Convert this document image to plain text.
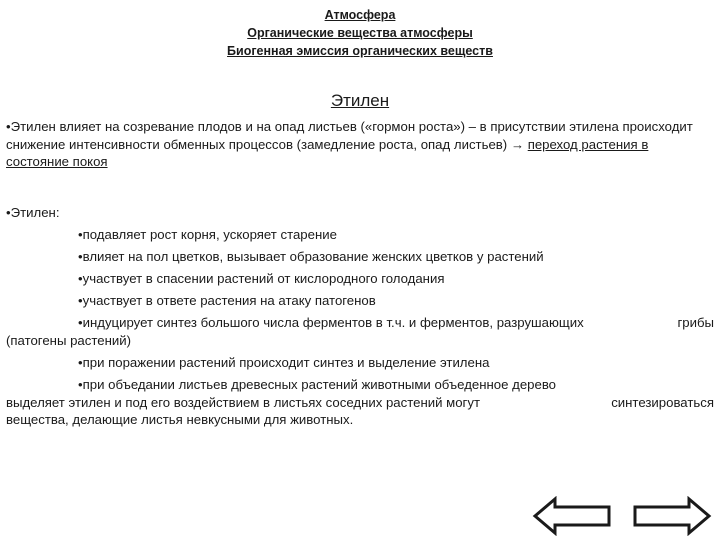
Атмосфера
Органические вещества атмосферы
Биогенная эмиссия органических веществ
Этилен
•Этилен влияет на созревание плодов и на опад листьев («гормон роста») – в присутствии этилена происходит снижение интенсивности обменных процессов (замедление роста, опад листьев) → переход растения в состояние покоя
•Этилен:
•подавляет рост корня, ускоряет старение
•влияет на пол цветков, вызывает образование женских цветков у растений
•участвует в спасении растений от кислородного голодания
•участвует в ответе растения на атаку патогенов
•индуцирует синтез большого числа ферментов в т.ч. и ферментов, разрушающих	грибы
(патогены растений)
•при поражении растений происходит синтез и выделение этилена
•при объедании листьев древесных растений животными объеденное дерево
выделяет этилен и под его воздействием в листьях соседних растений могут	синтезироваться
вещества, делающие листья невкусными для животных.
